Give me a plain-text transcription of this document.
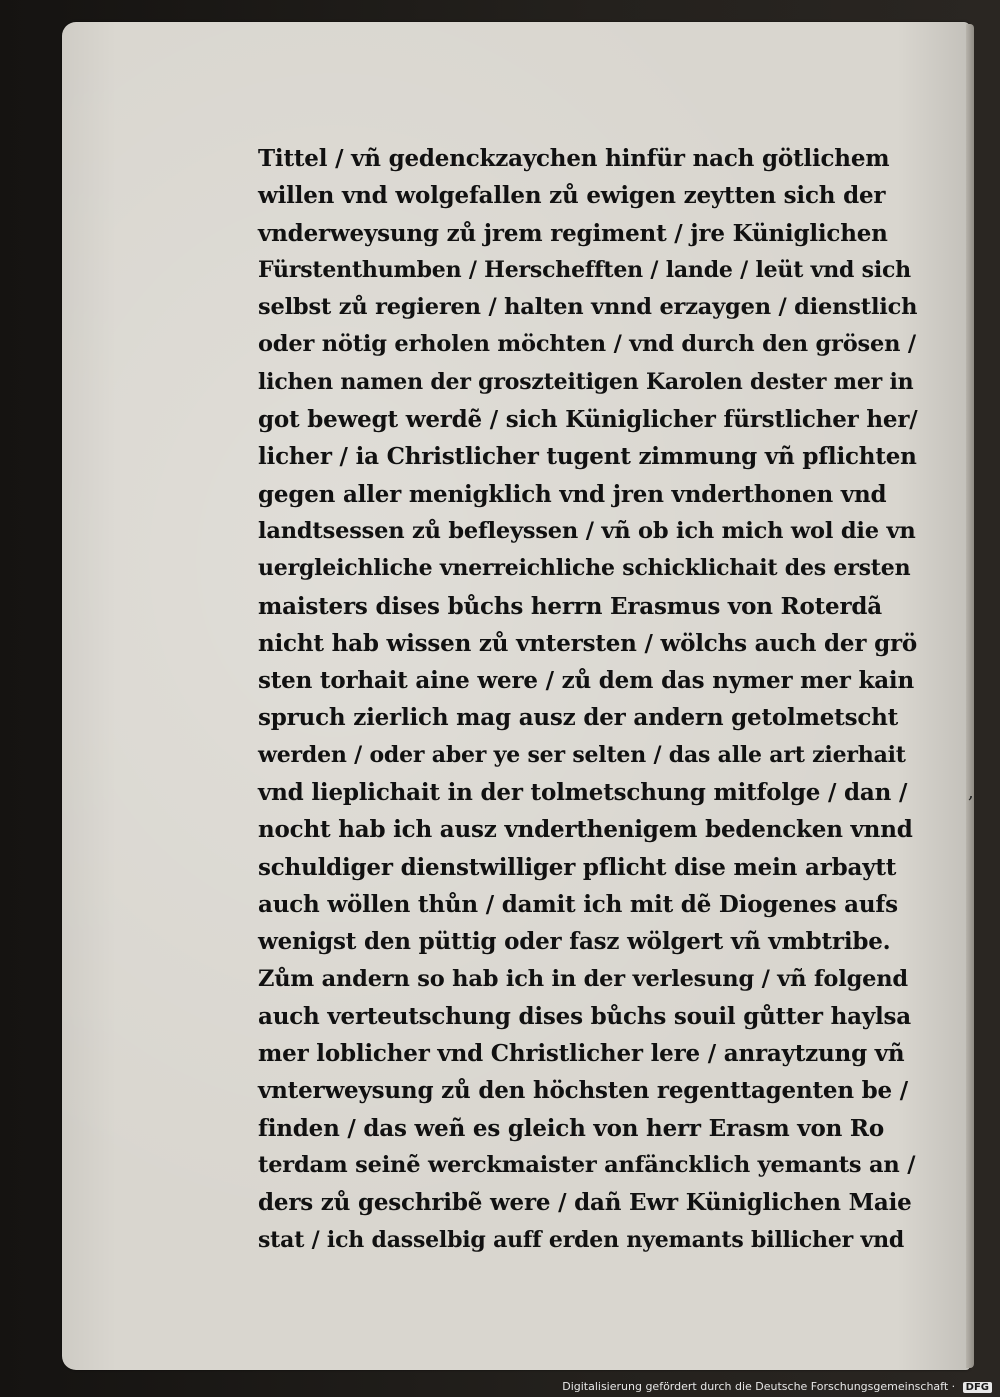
Tittel / vñ gedenckzaychen hinfür nach götlichem
willen vnd wolgefallen zů ewigen zeytten sich der
vnderweysung zů jrem regiment / jre Küniglichen
Fürstenthumben / Herschefften / lande / leüt vnd sich
selbst zů regieren / halten vnnd erzaygen / dienstlich
oder nötig erholen möchten / vnd durch den grösen /
lichen namen der groszteitigen Karolen dester mer in
got bewegt werdẽ / sich Küniglicher fürstlicher her/
licher / ia Christlicher tugent zimmung vñ pflichten
gegen aller menigklich vnd jren vnderthonen vnd
landtsessen zů befleyssen / vñ ob ich mich wol die vn
uergleichliche vnerreichliche schicklichait des ersten
maisters dises bůchs herrn Erasmus von Roterdã
nicht hab wissen zů vntersten / wölchs auch der grö
sten torhait aine were / zů dem das nymer mer kain
spruch zierlich mag ausz der andern getolmetscht
werden / oder aber ye ser selten / das alle art zierhait
vnd lieplichait in der tolmetschung mitfolge / dan /
nocht hab ich ausz vnderthenigem bedencken vnnd
schuldiger dienstwilliger pflicht dise mein arbaytt
auch wöllen thůn / damit ich mit dẽ Diogenes aufs
wenigst den püttig oder fasz wölgert vñ vmbtribe.
Zům andern so hab ich in der verlesung / vñ folgend
auch verteutschung dises bůchs souil gůtter haylsa
mer loblicher vnd Christlicher lere / anraytzung vñ
vnterweysung zů den höchsten regenttagenten be /
finden / das weñ es gleich von herr Erasm von Ro
terdam seinẽ werckmaister anfäncklich yemants an /
ders zů geschribẽ were / dañ Ewr Küniglichen Maie
stat / ich dasselbig auff erden nyemants billicher vnd
,
Digitalisierung gefördert durch die Deutsche Forschungsgemeinschaft · DFG
